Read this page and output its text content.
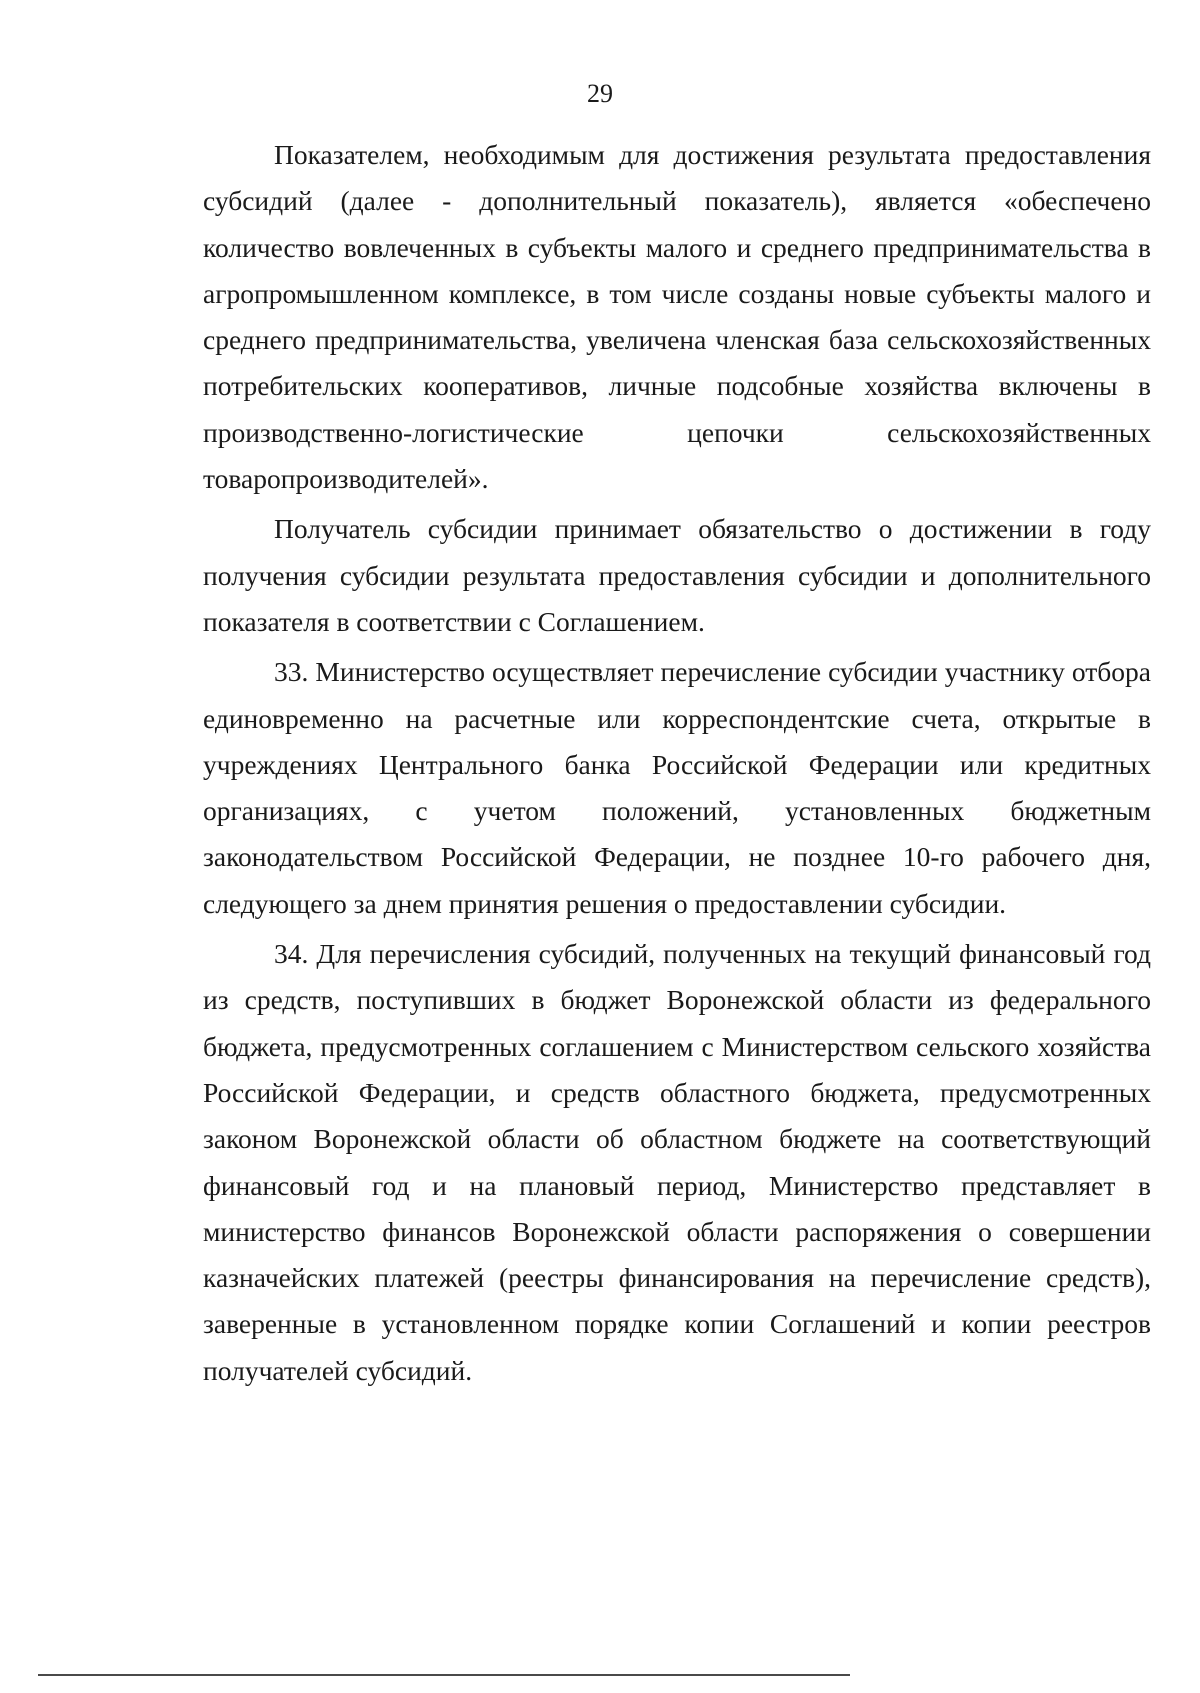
29

Показателем, необходимым для достижения результата предоставления субсидий (далее - дополнительный показатель), является «обеспечено количество вовлеченных в субъекты малого и среднего предпринимательства в агропромышленном комплексе, в том числе созданы новые субъекты малого и среднего предпринимательства, увеличена членская база сельскохозяйственных потребительских кооперативов, личные подсобные хозяйства включены в производственно-логистические цепочки сельскохозяйственных товаропроизводителей».

Получатель субсидии принимает обязательство о достижении в году получения субсидии результата предоставления субсидии и дополнительного показателя в соответствии с Соглашением.

33. Министерство осуществляет перечисление субсидии участнику отбора единовременно на расчетные или корреспондентские счета, открытые в учреждениях Центрального банка Российской Федерации или кредитных организациях, с учетом положений, установленных бюджетным законодательством Российской Федерации, не позднее 10-го рабочего дня, следующего за днем принятия решения о предоставлении субсидии.

34. Для перечисления субсидий, полученных на текущий финансовый год из средств, поступивших в бюджет Воронежской области из федерального бюджета, предусмотренных соглашением с Министерством сельского хозяйства Российской Федерации, и средств областного бюджета, предусмотренных законом Воронежской области об областном бюджете на соответствующий финансовый год и на плановый период, Министерство представляет в министерство финансов Воронежской области распоряжения о совершении казначейских платежей (реестры финансирования на перечисление средств), заверенные в установленном порядке копии Соглашений и копии реестров получателей субсидий.
